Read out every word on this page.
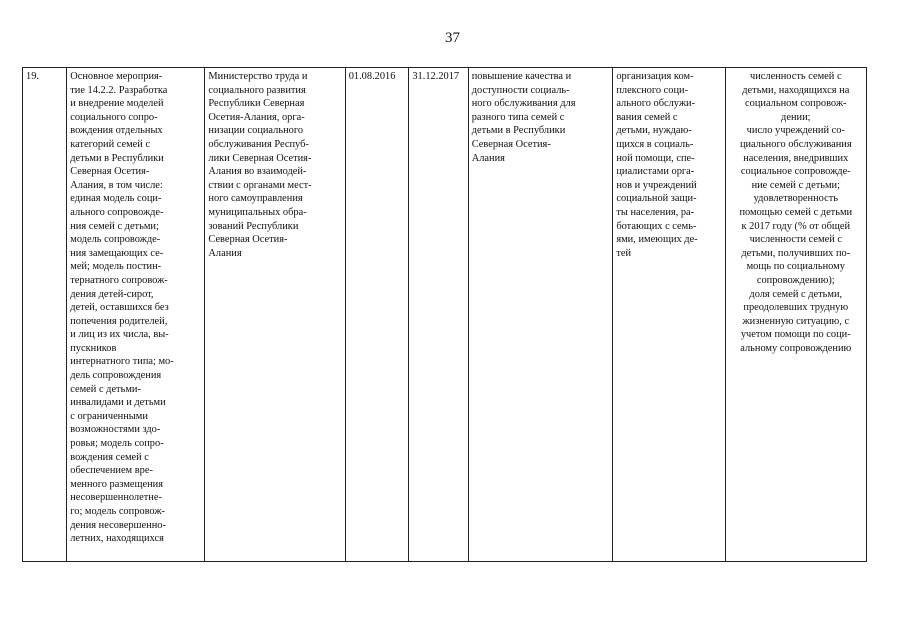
37
19.	Основное мероприя-
тие 14.2.2. Разработка
и внедрение моделей
социального сопро-
вождения отдельных
категорий семей с
детьми в Республики
Северная Осетия-
Алания, в том числе:
единая модель соци-
ального сопровожде-
ния семей с детьми;
модель сопровожде-
ния замещающих се-
мей; модель постин-
тернатного сопровож-
дения детей-сирот,
детей, оставшихся без
попечения родителей,
и лиц из их числа, вы-
пускников
интернатного типа; мо-
дель сопровождения
семей с детьми-
инвалидами и детьми
с ограниченными
возможностями здо-
ровья; модель сопро-
вождения семей с
обеспечением вре-
менного размещения
несовершеннолетне-
го; модель сопровож-
дения несовершенно-
летних, находящихся

Министерство труда и
социального развития
Республики Северная
Осетия-Алания, орга-
низации социального
обслуживания Респуб-
лики Северная Осетия-
Алания во взаимодей-
ствии с органами мест-
ного самоуправления
муниципальных обра-
зований Республики
Северная Осетия-
Алания

01.08.2016	31.12.2017	повышение качества и
доступности социаль-
ного обслуживания для
разного типа семей с
детьми в Республики
Северная Осетия-
Алания

организация ком-
плексного соци-
ального обслужи-
вания семей с
детьми, нуждаю-
щихся в социаль-
ной помощи, спе-
циалистами орга-
нов и учреждений
социальной защи-
ты населения, ра-
ботающих с семь-
ями, имеющих де-
тей

численность семей с
детьми, находящихся на
социальном сопровож-
дении;
число учреждений со-
циального обслуживания
населения, внедривших
социальное сопровожде-
ние семей с детьми;
удовлетворенность
помощью семей с детьми
к 2017 году (% от общей
численности семей с
детьми, получивших по-
мощь по социальному
сопровождению);
доля семей с детьми,
преодолевших трудную
жизненную ситуацию, с
учетом помощи по соци-
альному сопровождению
